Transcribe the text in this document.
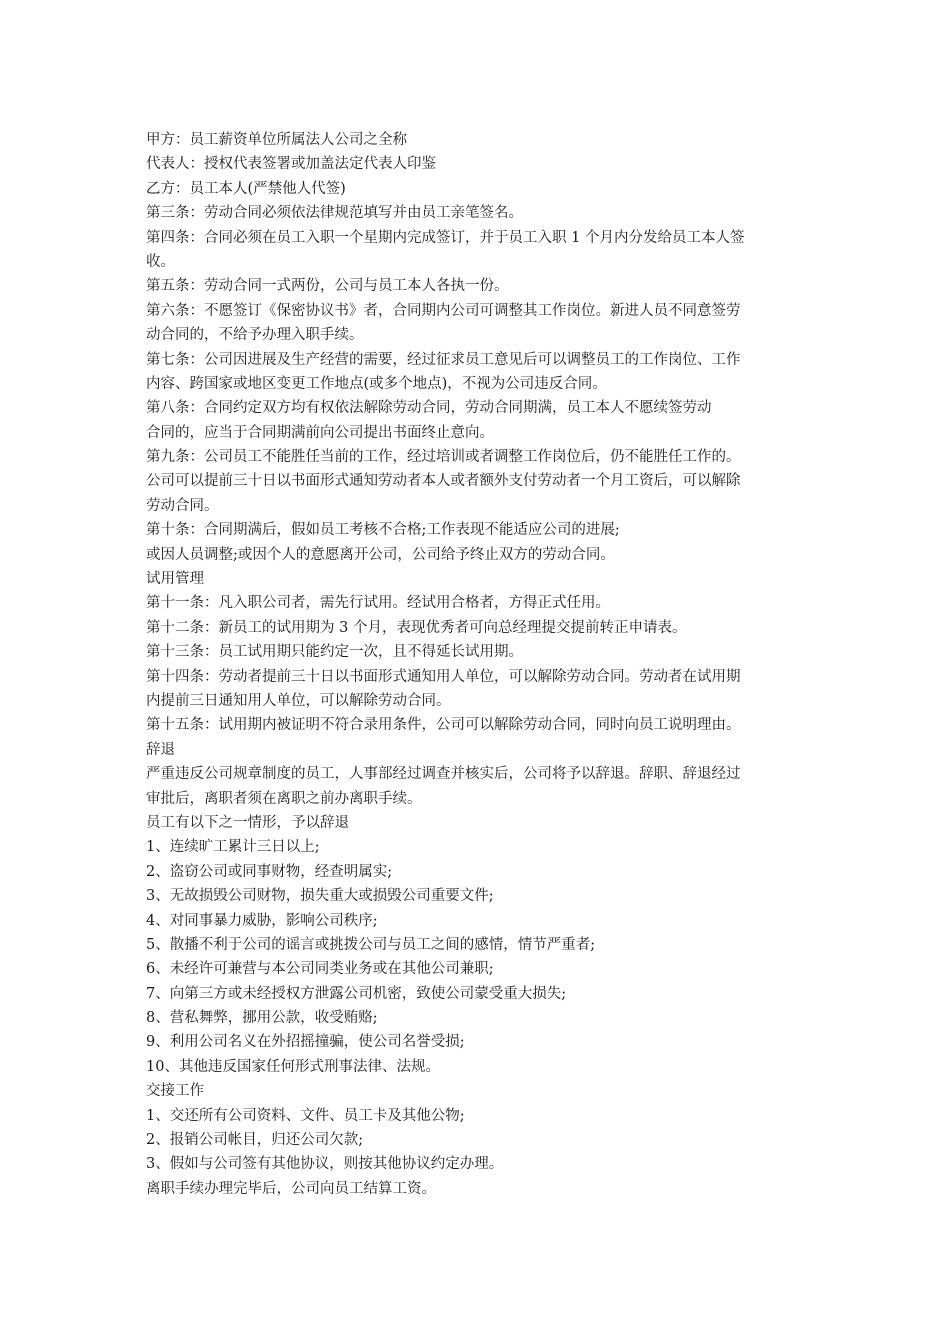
甲方：员工薪资单位所属法人公司之全称
代表人：授权代表签署或加盖法定代表人印鉴
乙方：员工本人(严禁他人代签)
第三条：劳动合同必须依法律规范填写并由员工亲笔签名。
第四条：合同必须在员工入职一个星期内完成签订，并于员工入职 1 个月内分发给员工本人签
收。
第五条：劳动合同一式两份，公司与员工本人各执一份。
第六条：不愿签订《保密协议书》者，合同期内公司可调整其工作岗位。新进人员不同意签劳
动合同的，不给予办理入职手续。
第七条：公司因进展及生产经营的需要，经过征求员工意见后可以调整员工的工作岗位、工作
内容、跨国家或地区变更工作地点(或多个地点)，不视为公司违反合同。
第八条：合同约定双方均有权依法解除劳动合同，劳动合同期满，员工本人不愿续签劳动
合同的，应当于合同期满前向公司提出书面终止意向。
第九条：公司员工不能胜任当前的工作，经过培训或者调整工作岗位后，仍不能胜任工作的。
公司可以提前三十日以书面形式通知劳动者本人或者额外支付劳动者一个月工资后，可以解除
劳动合同。
第十条：合同期满后，假如员工考核不合格;工作表现不能适应公司的进展;
或因人员调整;或因个人的意愿离开公司，公司给予终止双方的劳动合同。
试用管理
第十一条：凡入职公司者，需先行试用。经试用合格者，方得正式任用。
第十二条：新员工的试用期为 3 个月，表现优秀者可向总经理提交提前转正申请表。
第十三条：员工试用期只能约定一次，且不得延长试用期。
第十四条：劳动者提前三十日以书面形式通知用人单位，可以解除劳动合同。劳动者在试用期
内提前三日通知用人单位，可以解除劳动合同。
第十五条：试用期内被证明不符合录用条件，公司可以解除劳动合同，同时向员工说明理由。
辞退
严重违反公司规章制度的员工，人事部经过调查并核实后，公司将予以辞退。辞职、辞退经过
审批后，离职者须在离职之前办离职手续。
员工有以下之一情形，予以辞退
1、连续旷工累计三日以上;
2、盗窃公司或同事财物，经查明属实;
3、无故损毁公司财物，损失重大或损毁公司重要文件;
4、对同事暴力威胁，影响公司秩序;
5、散播不利于公司的谣言或挑拨公司与员工之间的感情，情节严重者;
6、未经许可兼营与本公司同类业务或在其他公司兼职;
7、向第三方或未经授权方泄露公司机密，致使公司蒙受重大损失;
8、营私舞弊，挪用公款，收受贿赂;
9、利用公司名义在外招摇撞骗，使公司名誉受损;
10、其他违反国家任何形式刑事法律、法规。
交接工作
1、交还所有公司资料、文件、员工卡及其他公物;
2、报销公司帐目，归还公司欠款;
3、假如与公司签有其他协议，则按其他协议约定办理。
离职手续办理完毕后，公司向员工结算工资。
